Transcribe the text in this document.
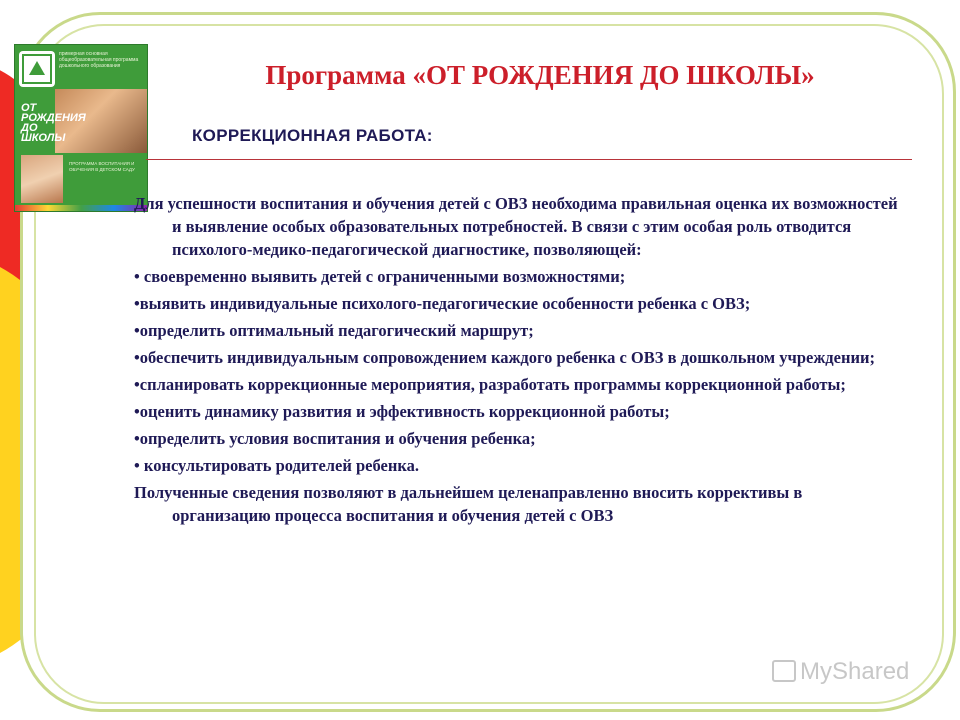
примерная основная общеобразовательная программа дошкольного образования
ОТ РОЖДЕНИЯ ДО ШКОЛЫ
ПРОГРАММА ВОСПИТАНИЯ И ОБУЧЕНИЯ В ДЕТСКОМ САДУ
Программа «ОТ РОЖДЕНИЯ ДО ШКОЛЫ»
КОРРЕКЦИОННАЯ РАБОТА:

Для успешности воспитания и обучения детей с ОВЗ необходима правильная оценка их возможностей и выявление особых образовательных потребностей. В связи с этим особая роль отводится психолого-медико-педагогической диагностике, позволяющей:

• своевременно выявить детей с ограниченными возможностями;

•выявить индивидуальные психолого-педагогические особенности ребенка с ОВЗ;

•определить оптимальный педагогический маршрут;

•обеспечить индивидуальным сопровождением каждого ребенка с ОВЗ в дошкольном учреждении;

•спланировать коррекционные мероприятия, разработать программы коррекционной работы;

•оценить динамику развития и эффективность коррекционной работы;

•определить условия воспитания и обучения ребенка;

• консультировать родителей ребенка.

Полученные сведения позволяют в дальнейшем целенаправленно вносить коррективы в организацию процесса воспитания и обучения детей с ОВЗ

MyShared
